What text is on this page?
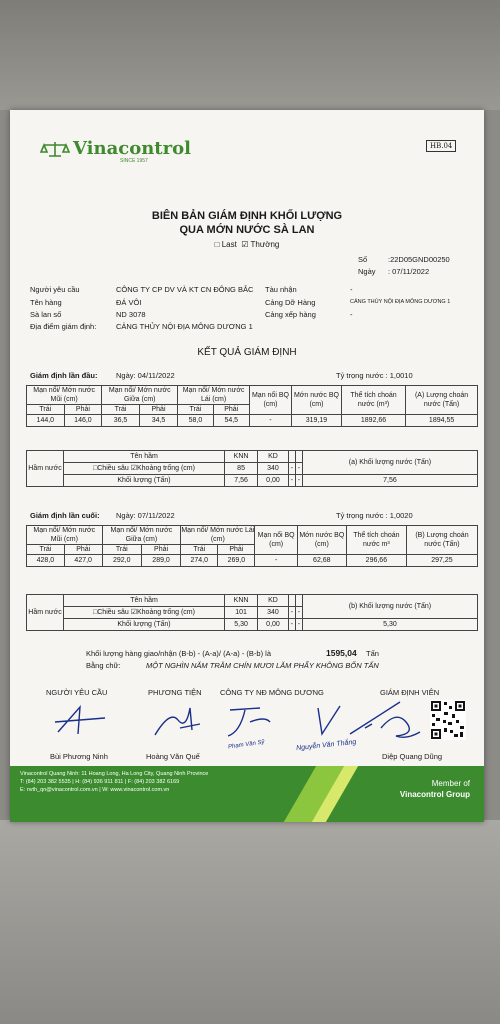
Vinacontrol
SINCE 1957
HB.04
BIÊN BẢN GIÁM ĐỊNH KHỐI LƯỢNG
QUA MỚN NƯỚC SÀ LAN
□ Last  ☑ Thường
Số	:22D05GND00250
Ngày : 07/11/2022
Người yêu cầu	CÔNG TY CP DV VÀ KT CN ĐÔNG BẮC Tàu nhận	-
Tên hàng	ĐÁ VÔI	Cảng Dỡ Hàng	CẢNG THỦY NỘI ĐỊA MÔNG DƯƠNG 1
Sà lan số	ND 3078	Cảng xếp hàng	-
Địa điểm giám định:	CẢNG THỦY NỘI ĐỊA MÔNG DƯƠNG 1
KẾT QUẢ GIÁM ĐỊNH
Giám định lần đầu: Ngày: 04/11/2022	Tỷ trọng nước : 1,0010
Mạn nổi/ Mớn nước Mũi (cm)		Mạn nổi/ Mớn nước Giữa (cm)		Mạn nổi/ Mớn nước Lái (cm)		Mạn nổi BQ (cm)	Mớn nước BQ (cm)	Thể tích choán nước (m³)	(A) Lượng choán nước (Tấn)
Trái	Phải	Trái	Phải	Trái	Phải				
144,0	146,0	36,5	34,5	58,0	54,5	-	319,19	1892,66	1894,55
Hầm nước	Tên hầm	KNN	KD			(a) Khối lượng nước (Tấn)
	□Chiều sâu ☑Khoảng trống (cm)	85	340	-	-	
	Khối lượng (Tấn)	7,56	0,00	-	-	7,56
Giám định lần cuối: Ngày: 07/11/2022	Tỷ trọng nước : 1,0020
Mạn nổi/ Mớn nước Mũi (cm)		Mạn nổi/ Mớn nước Giữa (cm)		Mạn nổi/ Mớn nước Lái (cm)		Mạn nổi BQ (cm)	Mớn nước BQ (cm)	Thể tích choán nước m³	(B) Lượng choán nước (Tấn)
Trái	Phải	Trái	Phải	Trái	Phải				
428,0	427,0	292,0	289,0	274,0	269,0	-	62,68	296,66	297,25
Hầm nước	Tên hầm	KNN	KD			(b) Khối lượng nước (Tấn)
	□Chiều sâu ☑Khoảng trống (cm)	101	340	-	-	
	Khối lượng (Tấn)	5,30	0,00	-	-	5,30
Khối lượng hàng giao/nhận (B-b) - (A-a)/ (A-a) - (B-b) là	1595,04 Tấn
Bằng chữ:	MỘT NGHÌN NĂM TRĂM CHÍN MƯƠI LĂM PHẨY KHÔNG BỐN TẤN
NGƯỜI YÊU CẦU	PHƯƠNG TIỆN CÔNG TY NĐ MÔNG DƯƠNG	GIÁM ĐỊNH VIÊN
Bùi Phương Ninh	Hoàng Văn Quế
Phạm Văn Sỹ	Nguyễn Văn Thắng
Diệp Quang Dũng
Vinacontrol Quang Ninh: 11 Hoang Long, Ha Long City, Quang Ninh Province
T: (84) 203 382 5535 | H: (84) 936 911 811 | F: (84) 203 382 6169
E: nvth_qn@vinacontrol.com.vn | W: www.vinacontrol.com.vn
Member of
Vinacontrol Group
